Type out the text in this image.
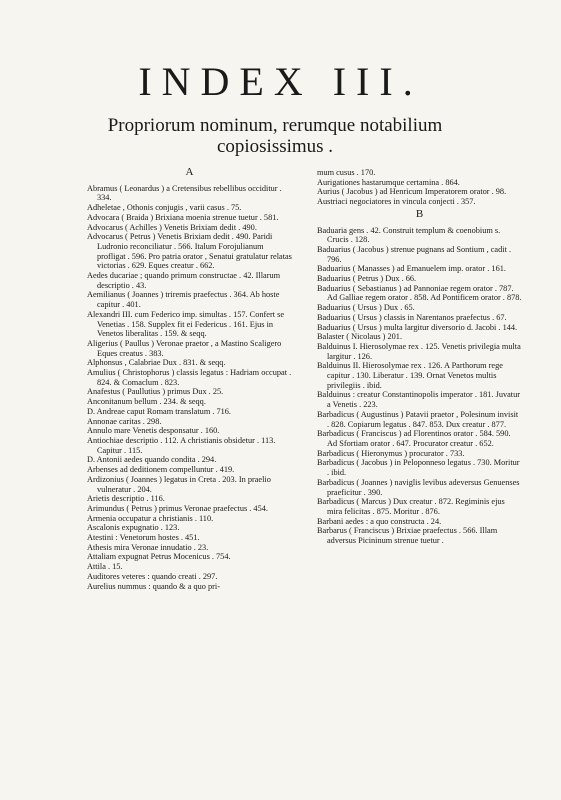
INDEX III.
Propriorum nominum, rerumque notabilium copiosissimus .
A

Abramus ( Leonardus ) a Cretensibus rebellibus occiditur . 334.

Adheletae , Othonis conjugis , varii casus . 75.

Advocara ( Braida ) Brixiana moenia strenue tuetur . 581.

Advocarus ( Achilles ) Venetis Brixiam dedit . 490.

Advocarus ( Petrus ) Venetis Brixiam dedit . 490. Paridi Ludronio reconciliatur . 566. Italum Forojulianum profligat . 596. Pro patria orator , Senatui gratulatur relatas victorias . 629. Eques creatur . 662.

Aedes ducariae ; quando primum constructae . 42. Illarum descriptio . 43.

Aemilianus ( Joannes ) triremis praefectus . 364. Ab hoste capitur . 401.

Alexandri III. cum Federico imp. simultas . 157. Confert se Venetias . 158. Supplex fit ei Federicus . 161. Ejus in Venetos liberalitas . 159. & seqq.

Aligerius ( Paullus ) Veronae praetor , a Mastino Scaligero Eques creatus . 383.

Alphonsus , Calabriae Dux . 831. & seqq.

Amulius ( Christophorus ) classis legatus : Hadriam occupat . 824. & Comaclum . 823.

Anafestus ( Paullutius ) primus Dux . 25.

Anconitanum bellum . 234. & seqq.

D. Andreae caput Romam translatum . 716.

Annonae caritas . 298.

Annulo mare Venetis desponsatur . 160.

Antiochiae descriptio . 112. A christianis obsidetur . 113. Capitur . 115.

D. Antonii aedes quando condita . 294.

Arbenses ad deditionem compelluntur . 419.

Ardizonius ( Joannes ) legatus in Creta . 203. In praelio vulneratur . 204.

Arietis descriptio . 116.

Arimundus ( Petrus ) primus Veronae praefectus . 454.

Armenia occupatur a christianis . 110.

Ascalonis expugnatio . 123.

Atestini : Venetorum hostes . 451.

Athesis mira Veronae innudatio . 23.

Attaliam expugnat Petrus Mocenicus . 754.

Attila . 15.

Auditores veteres : quando creati . 297.

Aurelius nummus : quando & a quo pri-

mum cusus . 170.

Aurigationes hastarumque certamina . 864.

Aurius ( Jacobus ) ad Henricum Imperatorem orator . 98.

Austriaci negociatores in vincula conjecti . 357.

B

Baduaria gens . 42. Construit templum & coenobium s. Crucis . 128.

Baduarius ( Jacobus ) strenue pugnans ad Sontium , cadit . 796.

Baduarius ( Manasses ) ad Emanuelem imp. orator . 161.

Baduarius ( Petrus ) Dux . 66.

Baduarius ( Sebastianus ) ad Pannoniae regem orator . 787. Ad Galliae regem orator . 858. Ad Pontificem orator . 878.

Baduarius ( Ursus ) Dux . 65.

Baduarius ( Ursus ) classis in Narentanos praefectus . 67.

Baduarius ( Ursus ) multa largitur diversorio d. Jacobi . 144.

Balaster ( Nicolaus ) 201.

Balduinus I. Hierosolymae rex . 125. Venetis privilegia multa largitur . 126.

Balduinus II. Hierosolymae rex . 126. A Parthorum rege capitur . 130. Liberatur . 139. Ornat Venetos multis privilegiis . ibid.

Balduinus : creatur Constantinopolis imperator . 181. Juvatur a Venetis . 223.

Barbadicus ( Augustinus ) Patavii praetor , Polesinum invisit . 828. Copiarum legatus . 847. 853. Dux creatur . 877.

Barbadicus ( Franciscus ) ad Florentinos orator . 584. 590. Ad Sfortiam orator . 647. Procurator creatur . 652.

Barbadicus ( Hieronymus ) procurator . 733.

Barbadicus ( Jacobus ) in Peloponneso legatus . 730. Moritur . ibid.

Barbadicus ( Joannes ) naviglis levibus adeversus Genuenses praeficitur . 390.

Barbadicus ( Marcus ) Dux creatur . 872. Regiminis ejus mira felicitas . 875. Moritur . 876.

Barbani aedes : a quo constructa . 24.

Barbarus ( Franciscus ) Brixiae praefectus . 566. Illam adversus Picininum strenue tuetur .
